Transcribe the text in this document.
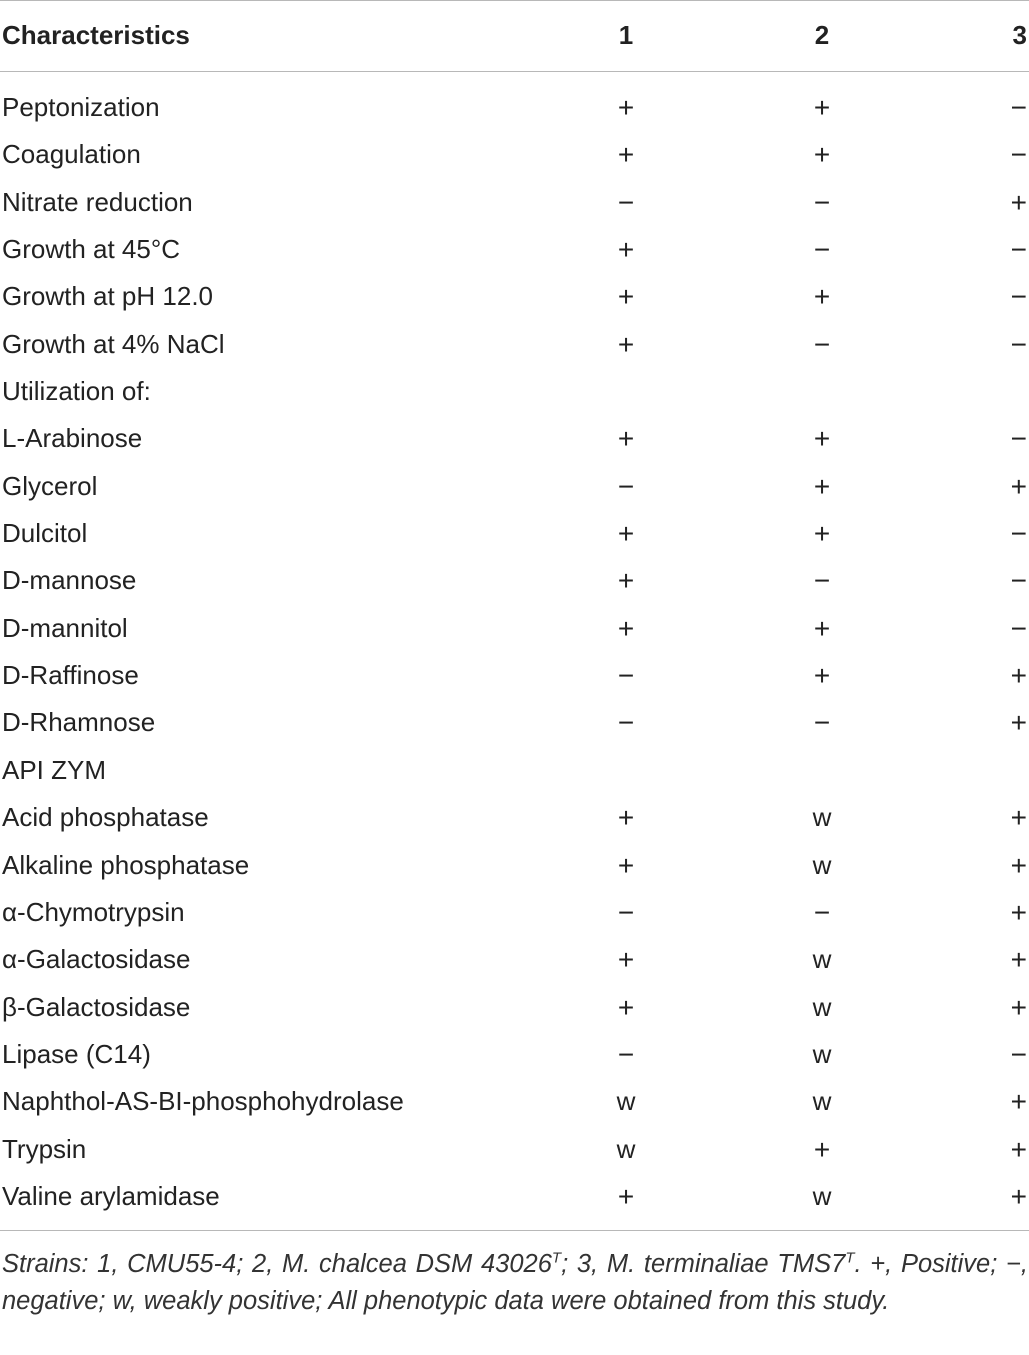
Characteristics	1	2	3
Peptonization	+	+	−
Coagulation	+	+	−
Nitrate reduction	−	−	+
Growth at 45°C	+	−	−
Growth at pH 12.0	+	+	−
Growth at 4% NaCl	+	−	−
Utilization of:
L-Arabinose	+	+	−
Glycerol	−	+	+
Dulcitol	+	+	−
D-mannose	+	−	−
D-mannitol	+	+	−
D-Raffinose	−	+	+
D-Rhamnose	−	−	+
API ZYM
Acid phosphatase	+	w	+
Alkaline phosphatase	+	w	+
α-Chymotrypsin	−	−	+
α-Galactosidase	+	w	+
β-Galactosidase	+	w	+
Lipase (C14)	−	w	−
Naphthol-AS-BI-phosphohydrolase	w	w	+
Trypsin	w	+	+
Valine arylamidase	+	w	+
Strains: 1, CMU55-4; 2, M. chalcea DSM $43026^T$; 3, M. terminaliae $TMS7^T$. +, Positive; −, negative; w, weakly positive; All phenotypic data were obtained from this study.
